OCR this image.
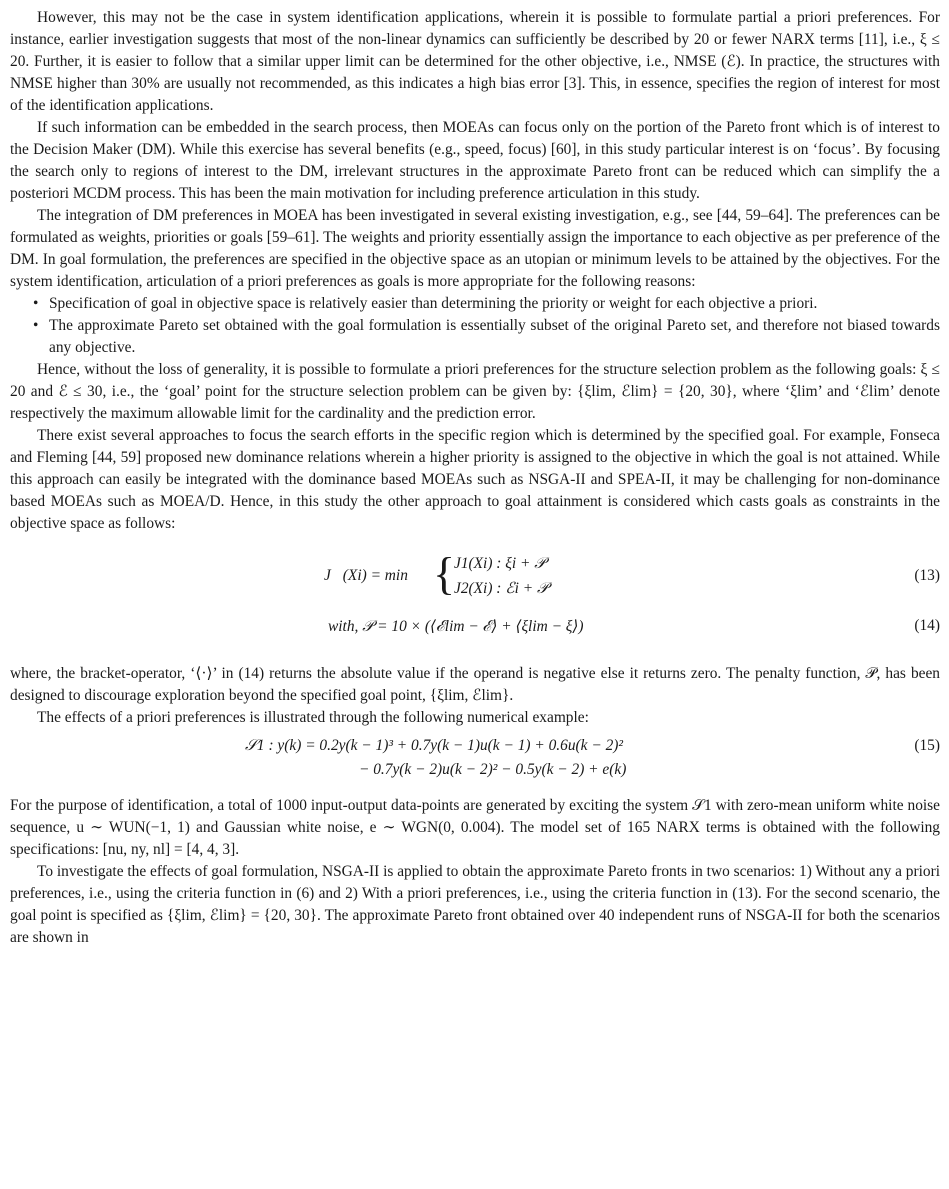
However, this may not be the case in system identification applications, wherein it is possible to formulate partial a priori preferences. For instance, earlier investigation suggests that most of the non-linear dynamics can sufficiently be described by 20 or fewer NARX terms [11], i.e., ξ ≤ 20. Further, it is easier to follow that a similar upper limit can be determined for the other objective, i.e., NMSE (ℰ). In practice, the structures with NMSE higher than 30% are usually not recommended, as this indicates a high bias error [3]. This, in essence, specifies the region of interest for most of the identification applications.

If such information can be embedded in the search process, then MOEAs can focus only on the portion of the Pareto front which is of interest to the Decision Maker (DM). While this exercise has several benefits (e.g., speed, focus) [60], in this study particular interest is on ‘focus’. By focusing the search only to regions of interest to the DM, irrelevant structures in the approximate Pareto front can be reduced which can simplify the a posteriori MCDM process. This has been the main motivation for including preference articulation in this study.

The integration of DM preferences in MOEA has been investigated in several existing investigation, e.g., see [44, 59–64]. The preferences can be formulated as weights, priorities or goals [59–61]. The weights and priority essentially assign the importance to each objective as per preference of the DM. In goal formulation, the preferences are specified in the objective space as an utopian or minimum levels to be attained by the objectives. For the system identification, articulation of a priori preferences as goals is more appropriate for the following reasons:

• Specification of goal in objective space is relatively easier than determining the priority or weight for each objective a priori.
• The approximate Pareto set obtained with the goal formulation is essentially subset of the original Pareto set, and therefore not biased towards any objective.

Hence, without the loss of generality, it is possible to formulate a priori preferences for the structure selection problem as the following goals: ξ ≤ 20 and ℰ ≤ 30, i.e., the ‘goal’ point for the structure selection problem can be given by: {ξlim, ℰlim} = {20, 30}, where ‘ξlim’ and ‘ℰlim’ denote respectively the maximum allowable limit for the cardinality and the prediction error.

There exist several approaches to focus the search efforts in the specific region which is determined by the specified goal. For example, Fonseca and Fleming [44, 59] proposed new dominance relations wherein a higher priority is assigned to the objective in which the goal is not attained. While this approach can easily be integrated with the dominance based MOEAs such as NSGA-II and SPEA-II, it may be challenging for non-dominance based MOEAs such as MOEA/D. Hence, in this study the other approach to goal attainment is considered which casts goals as constraints in the objective space as follows:

J⃗(Xi) = min {
J1(Xi) : ξi + 𝒫
J2(Xi) : ℰi + 𝒫
(13)
with, 𝒫 = 10 × (⟨ℰlim − ℰ⟩ + ⟨ξlim − ξ⟩)	(14)

where, the bracket-operator, ‘⟨·⟩’ in (14) returns the absolute value if the operand is negative else it returns zero. The penalty function, 𝒫, has been designed to discourage exploration beyond the specified goal point, {ξlim, ℰlim}.

The effects of a priori preferences is illustrated through the following numerical example:

𝒮1 : y(k) = 0.2y(k − 1)³ + 0.7y(k − 1)u(k − 1) + 0.6u(k − 2)²
− 0.7y(k − 2)u(k − 2)² − 0.5y(k − 2) + e(k)
(15)

For the purpose of identification, a total of 1000 input-output data-points are generated by exciting the system 𝒮1 with zero-mean uniform white noise sequence, u ∼ WUN(−1, 1) and Gaussian white noise, e ∼ WGN(0, 0.004). The model set of 165 NARX terms is obtained with the following specifications: [nu, ny, nl] = [4, 4, 3].

To investigate the effects of goal formulation, NSGA-II is applied to obtain the approximate Pareto fronts in two scenarios: 1) Without any a priori preferences, i.e., using the criteria function in (6) and 2) With a priori preferences, i.e., using the criteria function in (13). For the second scenario, the goal point is specified as {ξlim, ℰlim} = {20, 30}. The approximate Pareto front obtained over 40 independent runs of NSGA-II for both the scenarios are shown in
